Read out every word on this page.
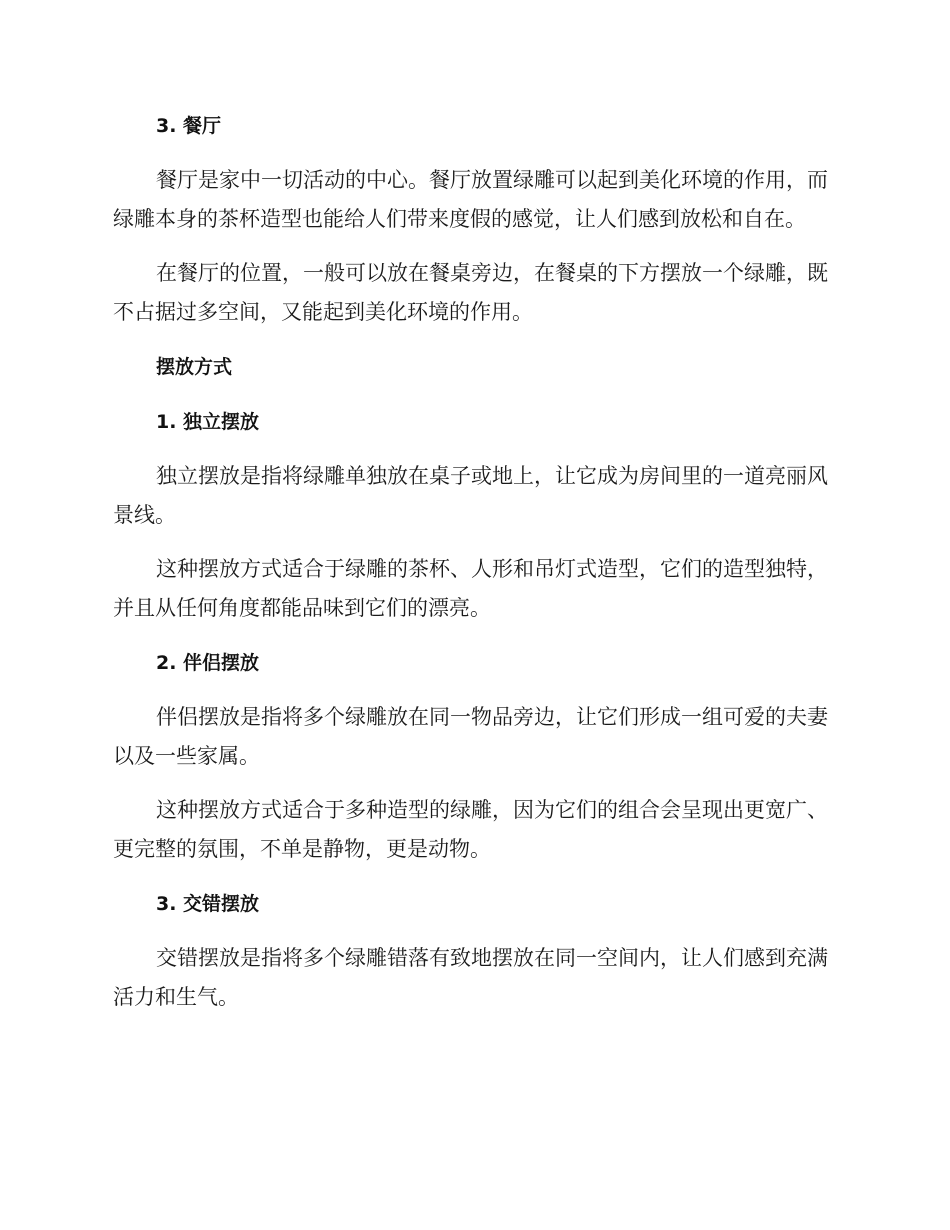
3. 餐厅

餐厅是家中一切活动的中心。餐厅放置绿雕可以起到美化环境的作用，而绿雕本身的茶杯造型也能给人们带来度假的感觉，让人们感到放松和自在。

在餐厅的位置，一般可以放在餐桌旁边，在餐桌的下方摆放一个绿雕，既不占据过多空间，又能起到美化环境的作用。

摆放方式
1. 独立摆放

独立摆放是指将绿雕单独放在桌子或地上，让它成为房间里的一道亮丽风景线。

这种摆放方式适合于绿雕的茶杯、人形和吊灯式造型，它们的造型独特，并且从任何角度都能品味到它们的漂亮。

2. 伴侣摆放

伴侣摆放是指将多个绿雕放在同一物品旁边，让它们形成一组可爱的夫妻以及一些家属。

这种摆放方式适合于多种造型的绿雕，因为它们的组合会呈现出更宽广、更完整的氛围，不单是静物，更是动物。

3. 交错摆放

交错摆放是指将多个绿雕错落有致地摆放在同一空间内，让人们感到充满活力和生气。
